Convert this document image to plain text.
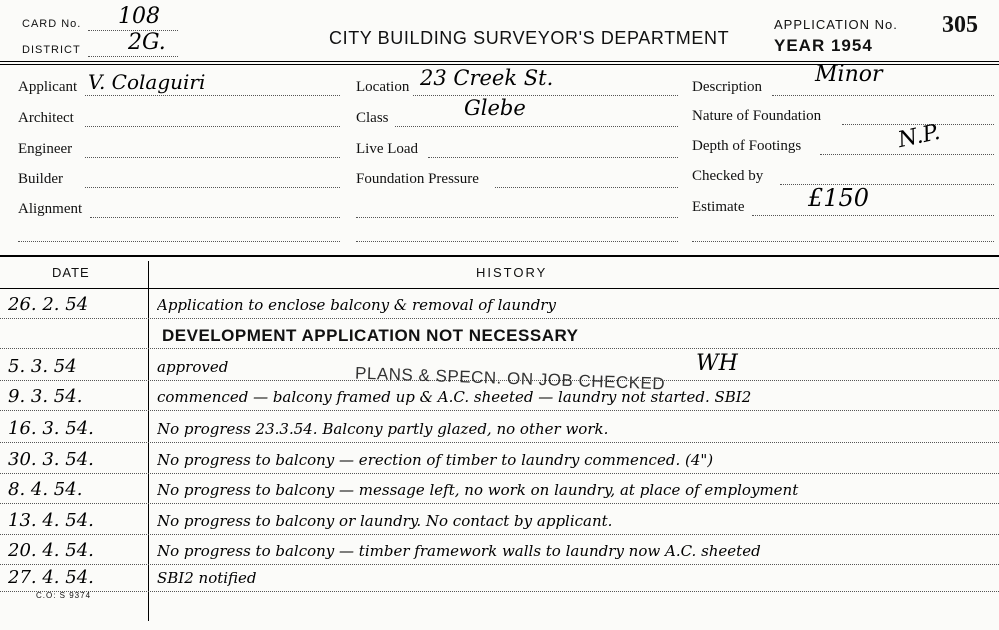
CARD No. 108
DISTRICT 2G.	CITY BUILDING SURVEYOR'S DEPARTMENT
APPLICATION No. 305
YEAR 1954
Applicant V. Colaguiri
Architect
Engineer
Builder
Alignment
Location 23 Creek St.
Class	Glebe
Live Load
Foundation Pressure
Description Minor
Nature of Foundation
Depth of Footings	N.P.
Checked by
Estimate	£150
DATE	HISTORY
26. 2. 54	Application to enclose balcony & removal of laundry
DEVELOPMENT APPLICATION NOT NECESSARY
5. 3. 54	approved
9. 3. 54.	commenced — balcony framed up & A.C. sheeted — laundry not started. SBI2
16. 3. 54.	No progress 23.3.54. Balcony partly glazed, no other work.
30. 3. 54.	No progress to balcony — erection of timber to laundry commenced. (4")
8. 4. 54.	No progress to balcony — message left, no work on laundry, at place of employment
13. 4. 54.	No progress to balcony or laundry. No contact by applicant.
20. 4. 54.	No progress to balcony — timber framework walls to laundry now A.C. sheeted
27. 4. 54.	SBI2 notified
PLANS & SPECN. ON JOB CHECKED
WH
C.O: S 9374
